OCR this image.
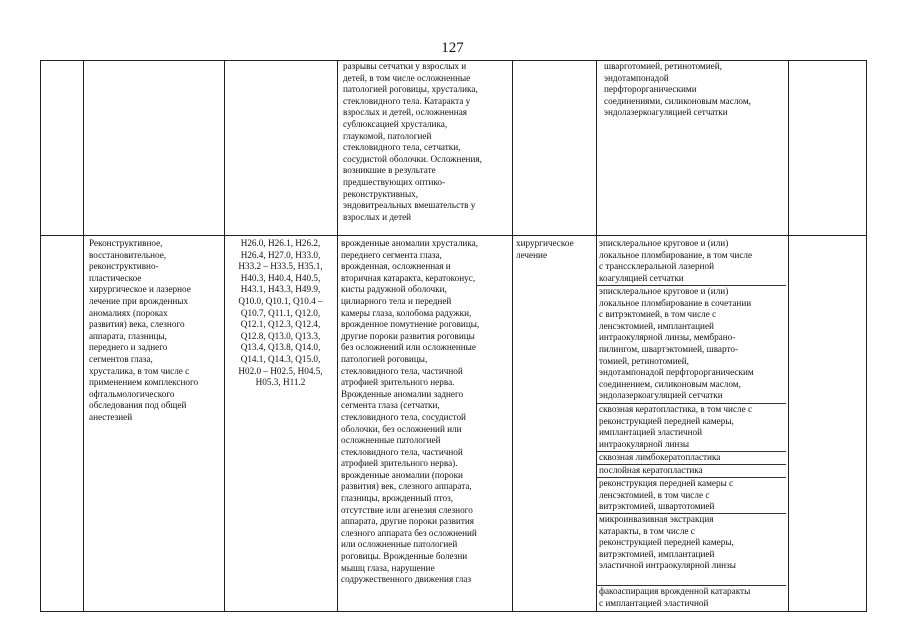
127
разрывы сетчатки у взрослых и
детей, в том числе осложненные
патологией роговицы, хрусталика,
стекловидного тела. Катаракта у
взрослых и детей, осложненная
сублюксацией хрусталика,
глаукомой, патологией
стекловидного тела, сетчатки,
сосудистой оболочки. Осложнения,
возникшие в результате
предшествующих оптико-
реконструктивных,
эндовитреальных вмешательств у
взрослых и детей
шварготомией, ретинотомией,
эндотампонадой
перфторорганическими
соединениями, силиконовым маслом,
эндолазеркоагуляцией сетчатки
Реконструктивное,
восстановительное,
реконструктивно-
пластическое
хирургическое и лазерное
лечение при врожденных
аномалиях (пороках
развития) века, слезного
аппарата, глазницы,
переднего и заднего
сегментов глаза,
хрусталика, в том числе с
применением комплексного
офтальмологического
обследования под общей
анестезией
H26.0, H26.1, H26.2,
H26.4, H27.0, H33.0,
H33.2 – H33.5, H35.1,
H40.3, H40.4, H40.5,
H43.1, H43.3, H49.9,
Q10.0, Q10.1, Q10.4 –
Q10.7, Q11.1, Q12.0,
Q12.1, Q12.3, Q12.4,
Q12.8, Q13.0, Q13.3,
Q13.4, Q13.8, Q14.0,
Q14.1, Q14.3, Q15.0,
H02.0 – H02.5, H04.5,
H05.3, H11.2
врожденные аномалии хрусталика,
переднего сегмента глаза,
врожденная, осложненная и
вторичная катаракта, кератоконус,
кисты радужной оболочки,
цилиарного тела и передней
камеры глаза, колобома радужки,
врожденное помутнение роговицы,
другие пороки развития роговицы
без осложнений или осложненные
патологией роговицы,
стекловидного тела, частичной
атрофией зрительного нерва.
Врожденные аномалии заднего
сегмента глаза (сетчатки,
стекловидного тела, сосудистой
оболочки, без осложнений или
осложненные патологией
стекловидного тела, частичной
атрофией зрительного нерва).
врожденные аномалии (пороки
развития) век, слезного аппарата,
глазницы, врожденный птоз,
отсутствие или агенезия слезного
аппарата, другие пороки развития
слезного аппарата без осложнений
или осложненные патологией
роговицы. Врожденные болезни
мышц глаза, нарушение
содружественного движения глаз
хирургическое
лечение
эписклеральное круговое и (или)
локальное пломбирование, в том числе
с транссклеральной лазерной
коагуляцией сетчатки
эписклеральное круговое и (или)
локальное пломбирование в сочетании
с витрэктомией, в том числе с
ленсэктомией, имплантацией
интраокулярной линзы, мембрано-
пилингом, швартэктомией, шварто-
томией, ретинотомией,
эндотампонадой перфторорганическим
соединением, силиконовым маслом,
эндолазеркоагуляцией сетчатки
сквозная кератопластика, в том числе с
реконструкцией передней камеры,
имплантацией эластичной
интраокулярной линзы
сквозная лимбокератопластика
послойная кератопластика
реконструкция передней камеры с
ленсэктомией, в том числе с
витрэктомией, швартотомией
микроинвазивная экстракция
катаракты, в том числе с
реконструкцией передней камеры,
витрэктомией, имплантацией
эластичной интраокулярной линзы
факоаспирация врожденной катаракты
с имплантацией эластичной
